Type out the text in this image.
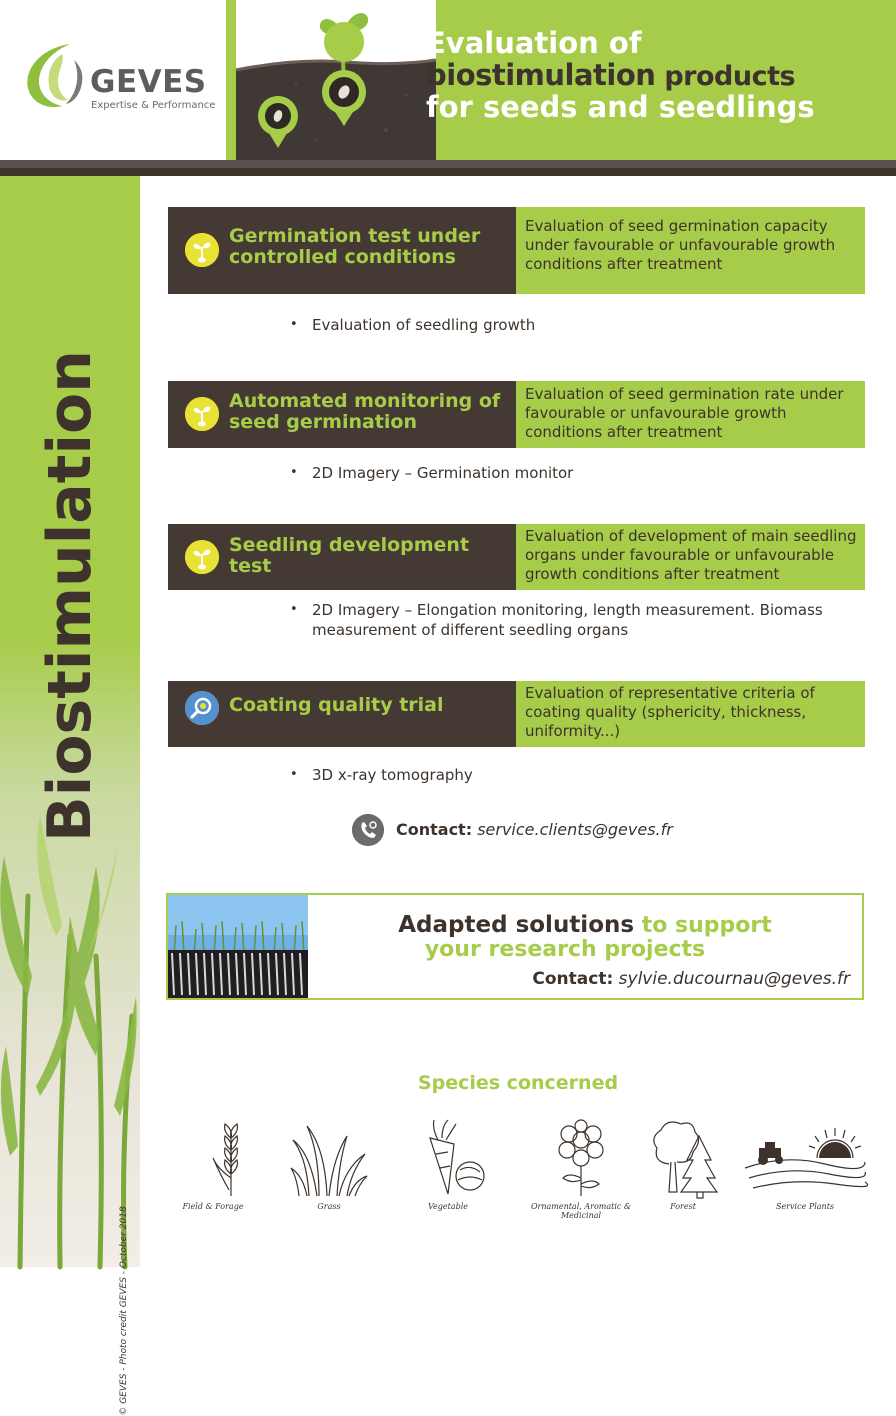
GEVES
Expertise & Performance
Evaluation of
biostimulation products
for seeds and seedlings
Biostimulation
© GEVES - Photo credit GEVES - October 2018
Germination test under controlled conditions
Evaluation of seed germination capacity under favourable or unfavourable growth conditions after treatment
• Evaluation of seedling growth
Automated monitoring of seed germination
Evaluation of seed germination rate under favourable or unfavourable growth conditions after treatment
• 2D Imagery – Germination monitor
Seedling development test
Evaluation of development of main seedling organs under favourable or unfavourable growth conditions after treatment
• 2D Imagery – Elongation monitoring, length measurement. Biomass measurement of different seedling organs
Coating quality trial
Evaluation of representative criteria of coating quality (sphericity, thickness, uniformity...)
• 3D x-ray tomography
Contact: service.clients@geves.fr
Adapted solutions to support
your research projects
Contact: sylvie.ducournau@geves.fr
Species concerned
Field & Forage	Grass	Vegetable	Ornamental, Aromatic & Medicinal
Forest	Service Plants
